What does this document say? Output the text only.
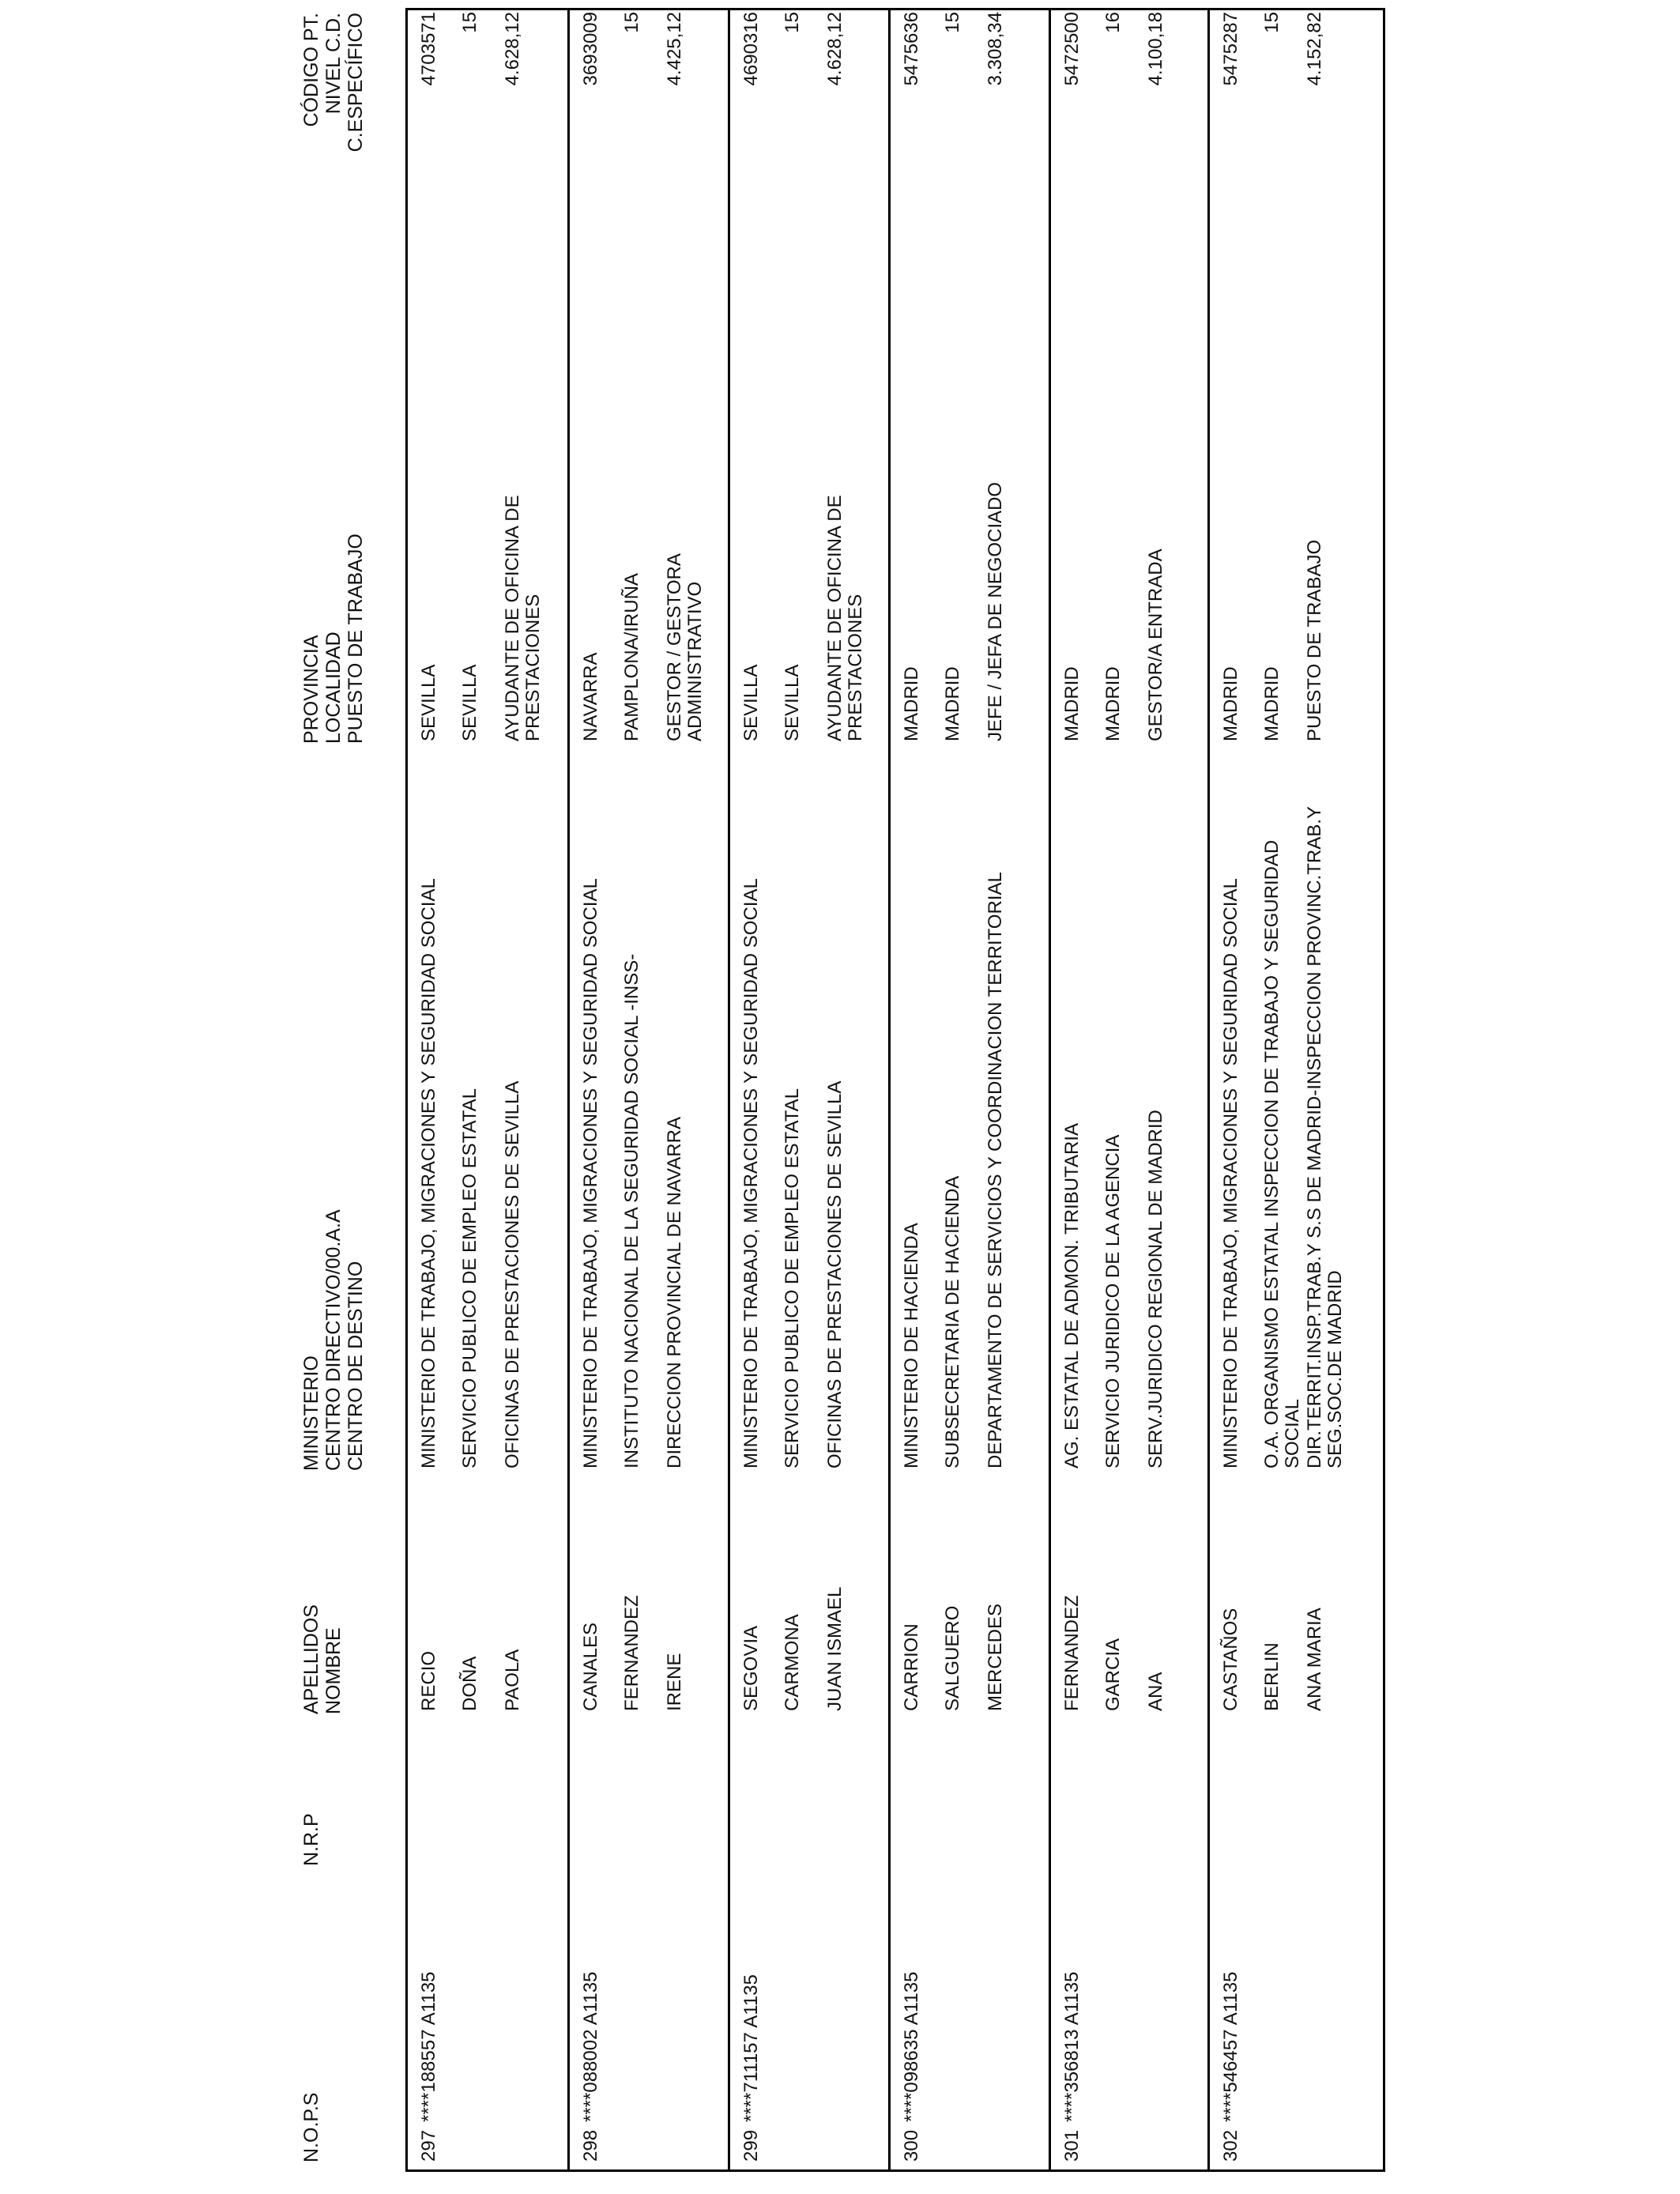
N.O.P.S
N.R.P
APELLIDOS NOMBRE
MINISTERIO CENTRO DIRECTIVO/00.A.A CENTRO DE DESTINO
PROVINCIA LOCALIDAD PUESTO DE TRABAJO
CÓDIGO PT. NIVEL C.D. C.ESPECÍFICO
297
****188557 A1135
RECIO DOÑA PAOLA
MINISTERIO DE TRABAJO, MIGRACIONES Y SEGURIDAD SOCIAL SERVICIO PUBLICO DE EMPLEO ESTATAL OFICINAS DE PRESTACIONES DE SEVILLA
SEVILLA SEVILLA AYUDANTE DE OFICINA DE PRESTACIONES
4703571 15 4.628,12
298
****088002 A1135
CANALES FERNANDEZ IRENE
MINISTERIO DE TRABAJO, MIGRACIONES Y SEGURIDAD SOCIAL INSTITUTO NACIONAL DE LA SEGURIDAD SOCIAL -INSS- DIRECCION PROVINCIAL DE NAVARRA
NAVARRA PAMPLONA/IRUÑA GESTOR / GESTORA ADMINISTRATIVO
3693009 15 4.425,12
299
****711157 A1135
SEGOVIA CARMONA JUAN ISMAEL
MINISTERIO DE TRABAJO, MIGRACIONES Y SEGURIDAD SOCIAL SERVICIO PUBLICO DE EMPLEO ESTATAL OFICINAS DE PRESTACIONES DE SEVILLA
SEVILLA SEVILLA AYUDANTE DE OFICINA DE PRESTACIONES
4690316 15 4.628,12
300
****098635 A1135
CARRION SALGUERO MERCEDES
MINISTERIO DE HACIENDA SUBSECRETARIA DE HACIENDA DEPARTAMENTO DE SERVICIOS Y COORDINACION TERRITORIAL
MADRID MADRID JEFE / JEFA DE NEGOCIADO
5475636 15 3.308,34
301
****356813 A1135
FERNANDEZ GARCIA ANA
AG. ESTATAL DE ADMON. TRIBUTARIA SERVICIO JURIDICO DE LA AGENCIA SERV.JURIDICO REGIONAL DE MADRID
MADRID MADRID GESTOR/A ENTRADA
5472500 16 4.100,18
302
****546457 A1135
CASTAÑOS BERLIN ANA MARIA
MINISTERIO DE TRABAJO, MIGRACIONES Y SEGURIDAD SOCIAL O.A. ORGANISMO ESTATAL INSPECCION DE TRABAJO Y SEGURIDAD SOCIAL DIR.TERRIT.INSP.TRAB.Y S.S DE MADRID-INSPECCION PROVINC.TRAB.Y SEG.SOC.DE MADRID
MADRID MADRID PUESTO DE TRABAJO
5475287 15 4.152,82
